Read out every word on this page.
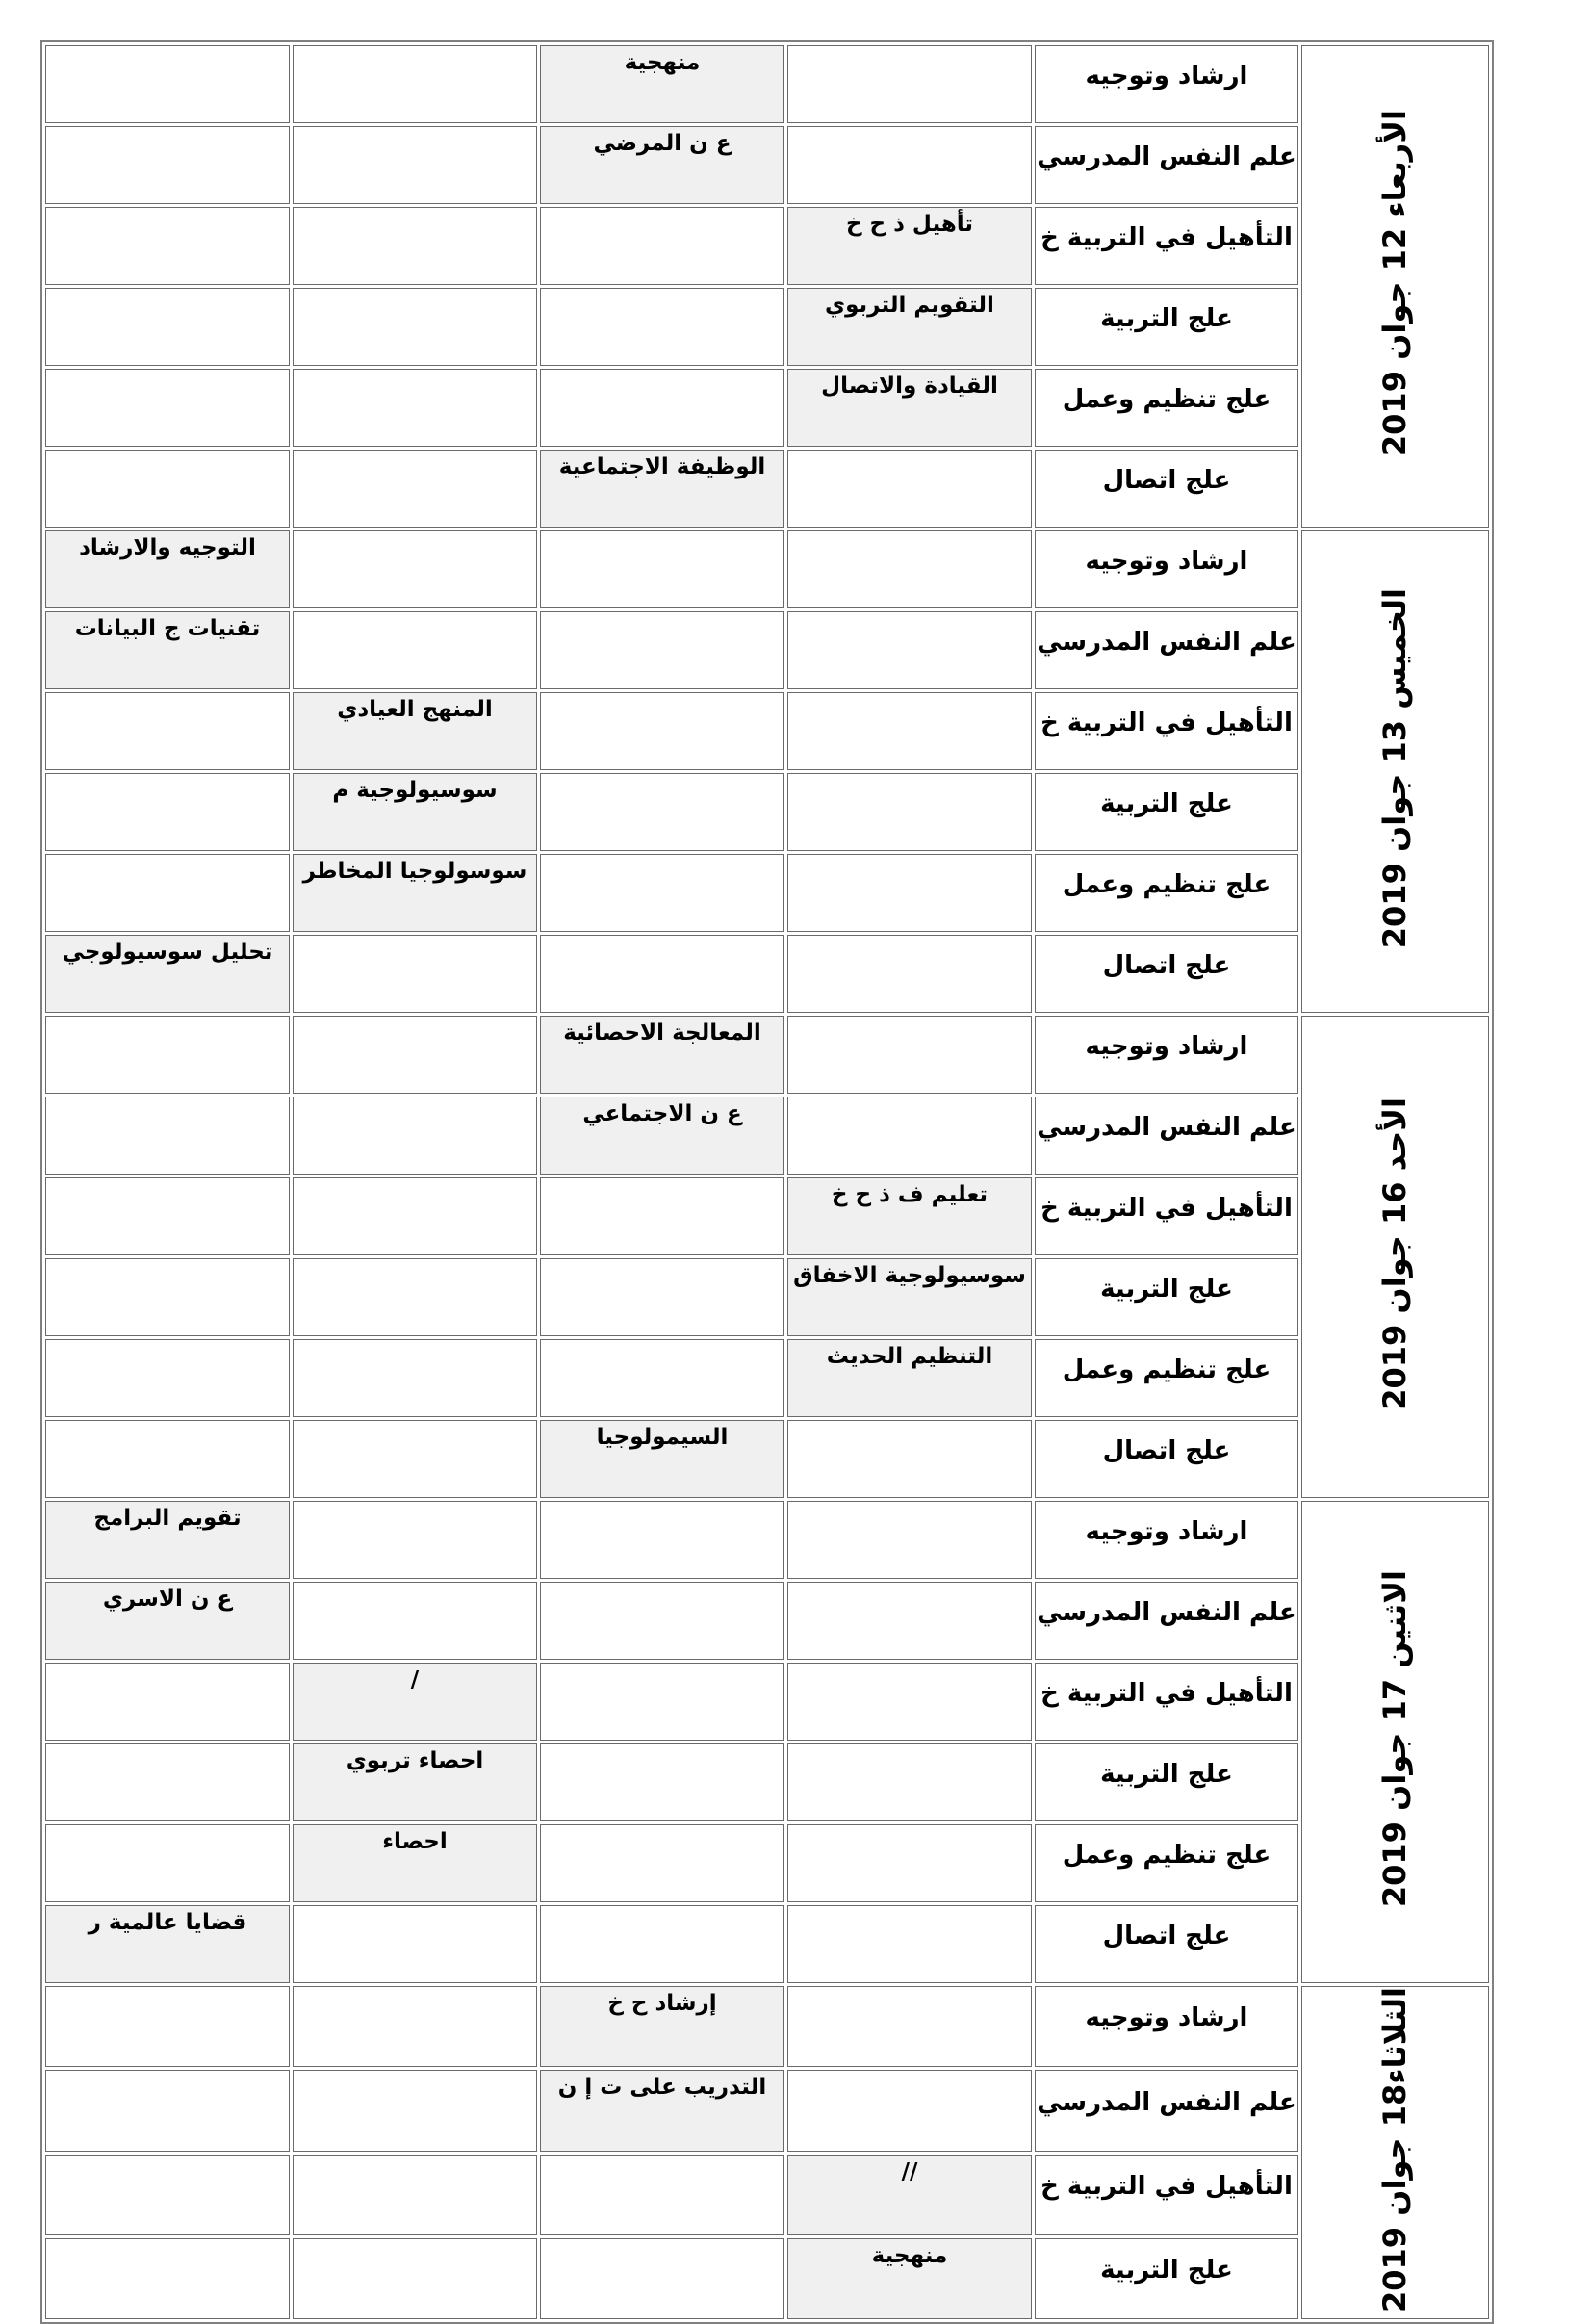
الأربعاء 12 جوان 2019	ارشاد وتوجيه		منهجية		
	علم النفس المدرسي		ع ن المرضي		
	التأهيل في التربية خ	تأهيل ذ ح خ			
	علج التربية	التقويم التربوي			
	علج تنظيم وعمل	القيادة والاتصال			
	علج اتصال		الوظيفة الاجتماعية		
الخميس 13 جوان 2019	ارشاد وتوجيه				التوجيه والارشاد
	علم النفس المدرسي				تقنيات ج البيانات
	التأهيل في التربية خ			المنهج العيادي	
	علج التربية			سوسيولوجية م	
	علج تنظيم وعمل			سوسولوجيا المخاطر	
	علج اتصال				تحليل سوسيولوجي
الأحد 16 جوان 2019	ارشاد وتوجيه		المعالجة الاحصائية		
	علم النفس المدرسي		ع ن الاجتماعي		
	التأهيل في التربية خ	تعليم ف ذ ح خ			
	علج التربية	سوسيولوجية الاخفاق			
	علج تنظيم وعمل	التنظيم الحديث			
	علج اتصال		السيمولوجيا		
الاثنين 17 جوان 2019	ارشاد وتوجيه				تقويم البرامج
	علم النفس المدرسي				ع ن الاسري
	التأهيل في التربية خ			/	
	علج التربية			احصاء تربوي	
	علج تنظيم وعمل			احصاء	
	علج اتصال				قضايا عالمية ر
الثلاثاء18 جوان 2019	ارشاد وتوجيه		إرشاد ح خ		
	علم النفس المدرسي		التدريب على ت إ ن		
	التأهيل في التربية خ	//			
	علج التربية	منهجية			
